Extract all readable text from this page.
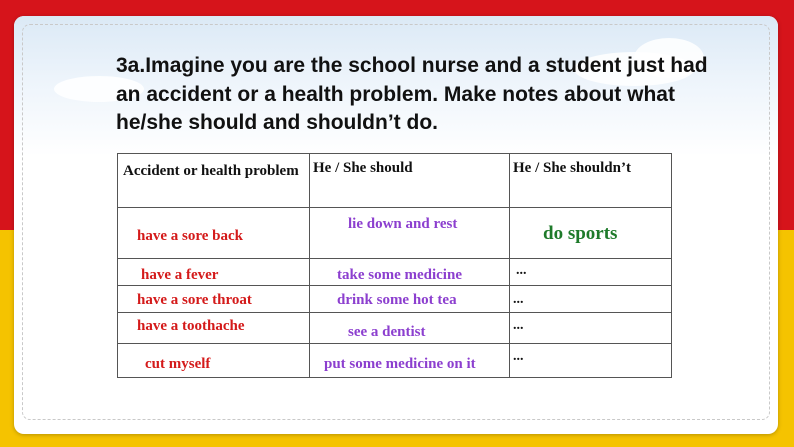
3a.Imagine you are the school nurse and a student just had an accident or a health problem. Make notes about what he/she should and shouldn’t do.

Accident or health problem	He / She should	He / She shouldn’t

have a sore back	lie down and rest	do sports

have a fever	take some medicine	...

have a sore throat	drink some hot tea	...

have a toothache	see a dentist	...

cut myself	put some medicine on it	...
